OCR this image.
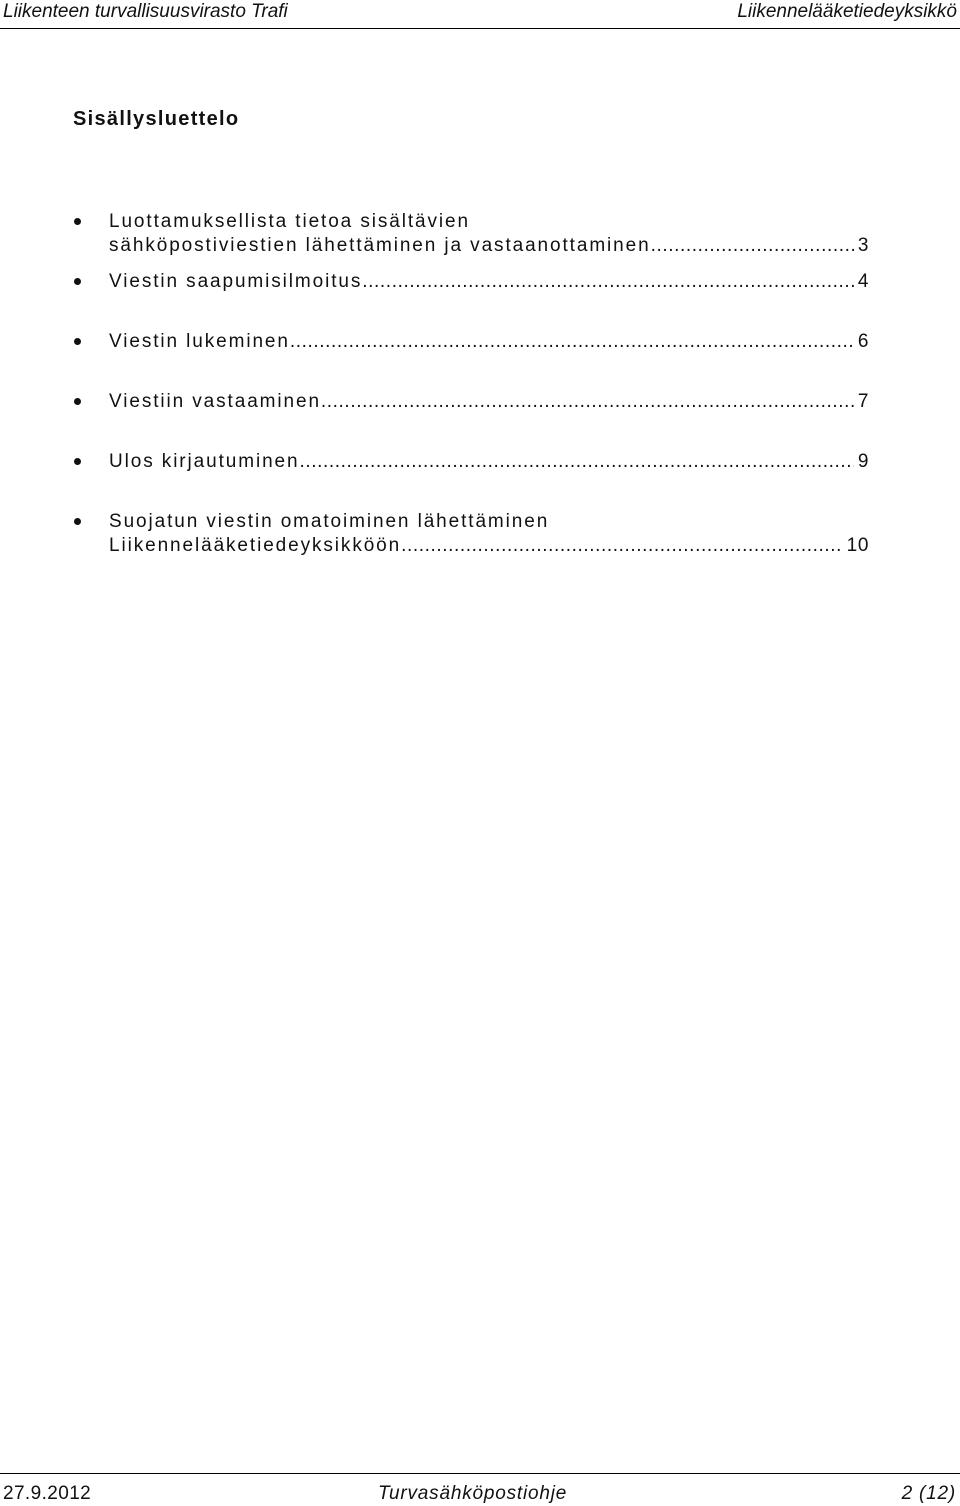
Liikenteen turvallisuusvirasto Trafi	Liikennelääketiedeyksikkö
Sisällysluettelo
Luottamuksellista tietoa sisältävien
sähköpostiviestien lähettäminen ja vastaanottaminen .....	3
Viestin saapumisilmoitus .....	4
Viestin lukeminen .....	6
Viestiin vastaaminen .....	7
Ulos kirjautuminen .....	9
Suojatun viestin omatoiminen lähettäminen
Liikennelääketiedeyksikköön .....	10
27.9.2012	Turvasähköpostiohje	2 (12)
